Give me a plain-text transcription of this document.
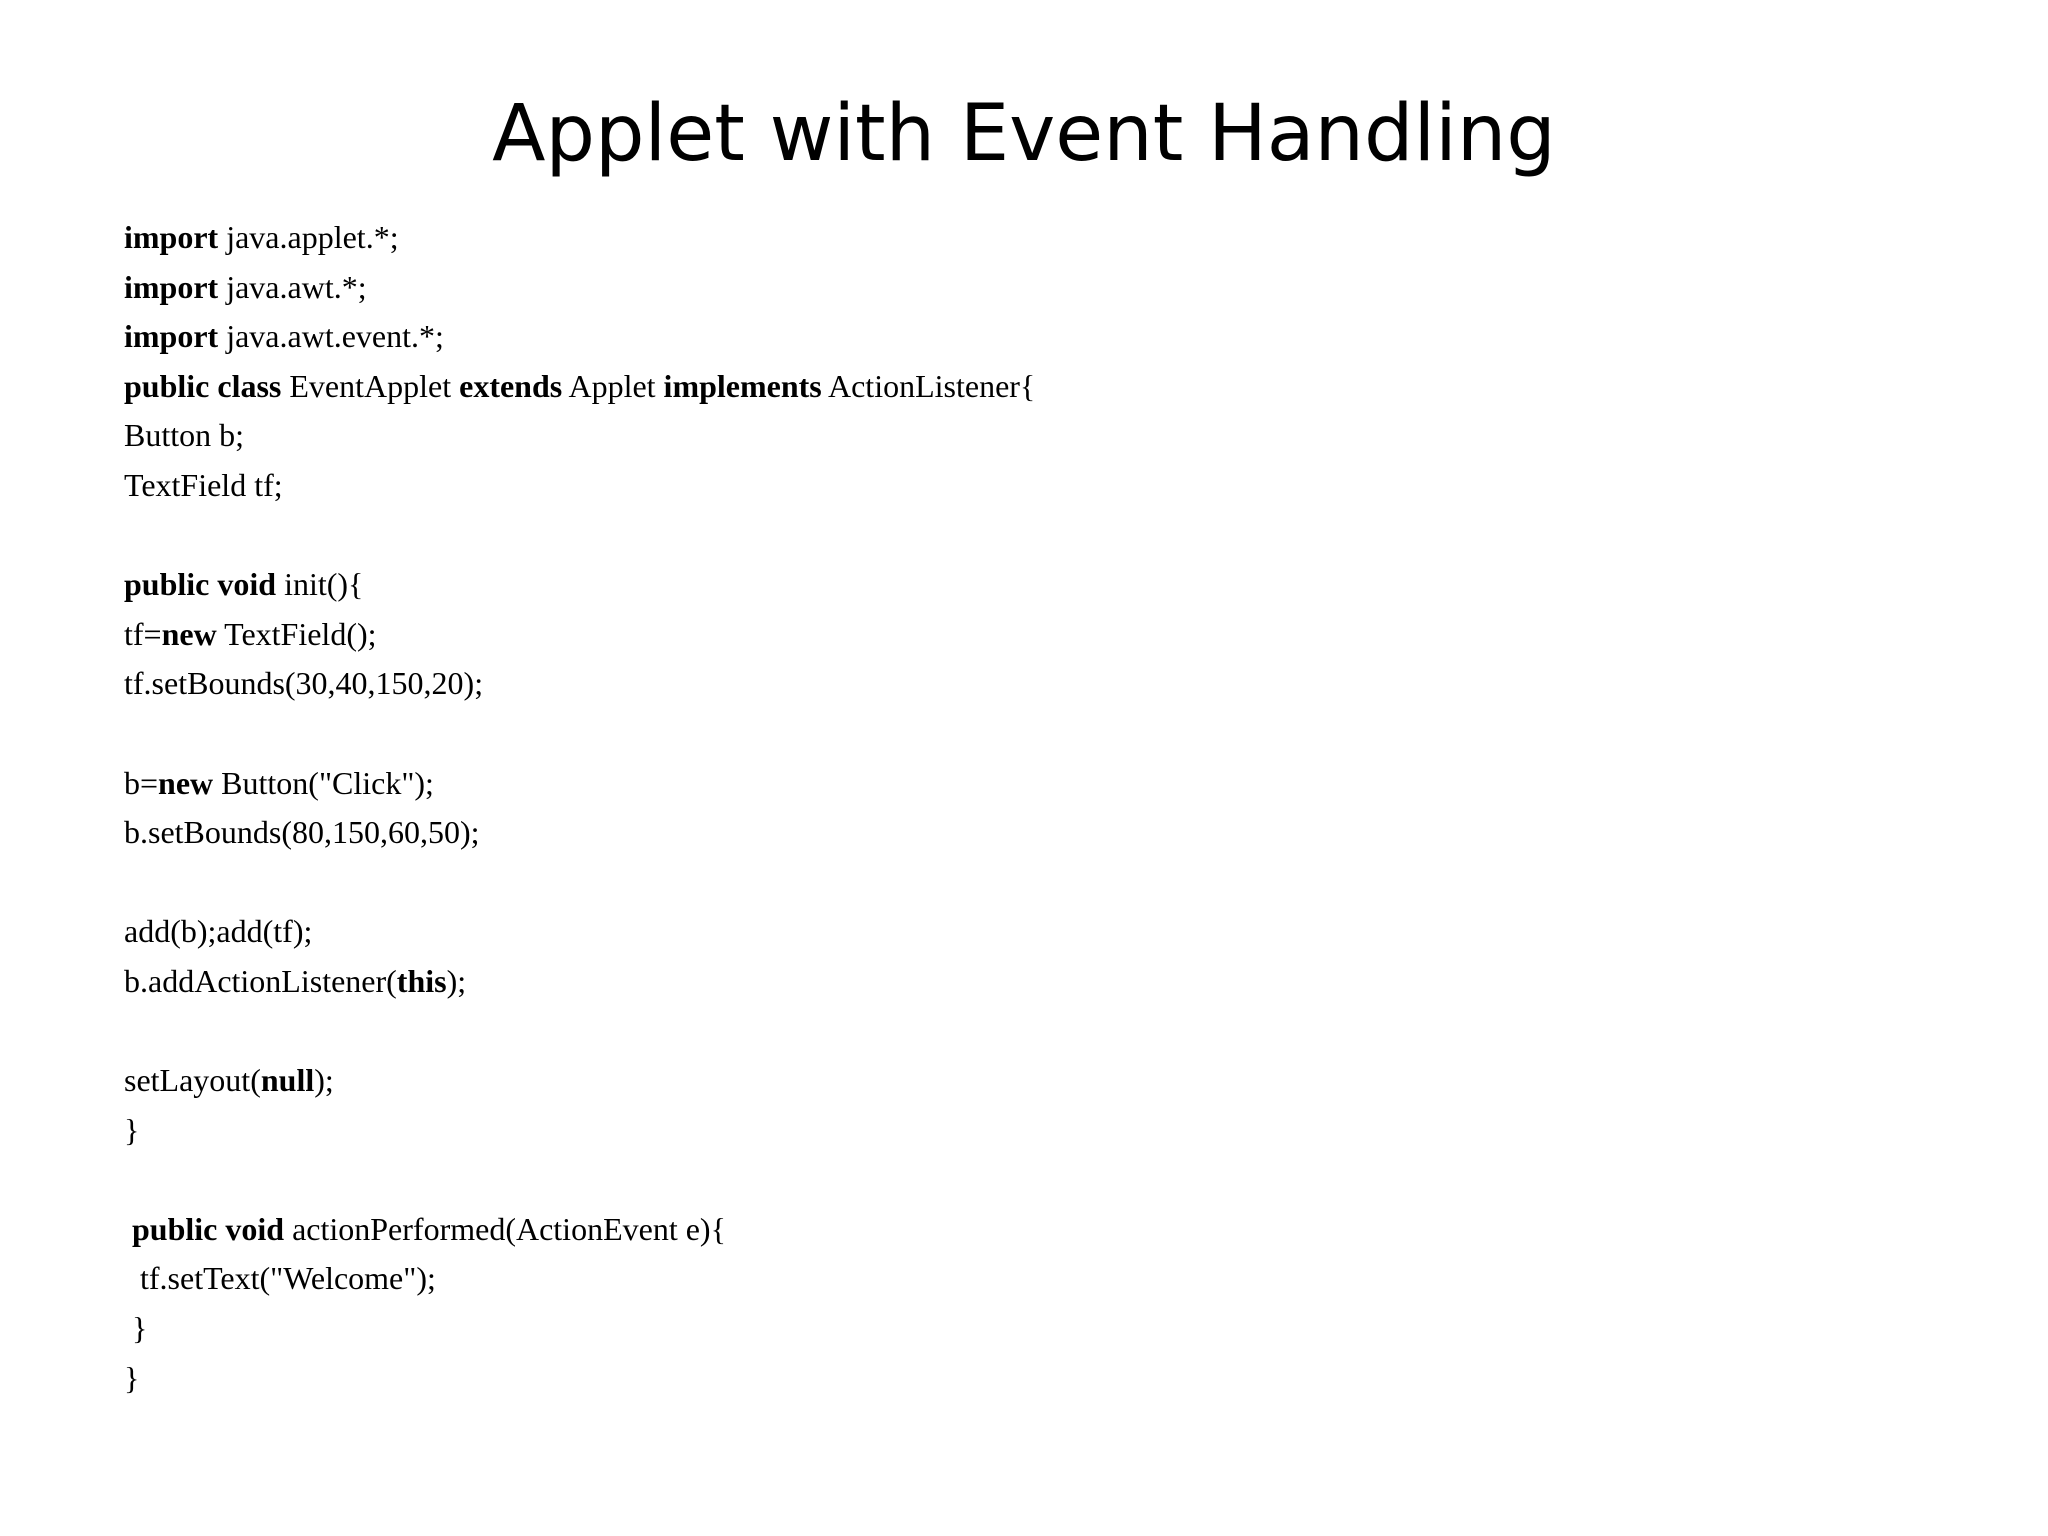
Applet with Event Handling
import java.applet.*;
import java.awt.*;
import java.awt.event.*;
public class EventApplet extends Applet implements ActionListener{
Button b;
TextField tf;
public void init(){
tf=new TextField();
tf.setBounds(30,40,150,20);
b=new Button("Click");
b.setBounds(80,150,60,50);
add(b);add(tf);
b.addActionListener(this);
setLayout(null);
}
public void actionPerformed(ActionEvent e){
tf.setText("Welcome");
}
}
